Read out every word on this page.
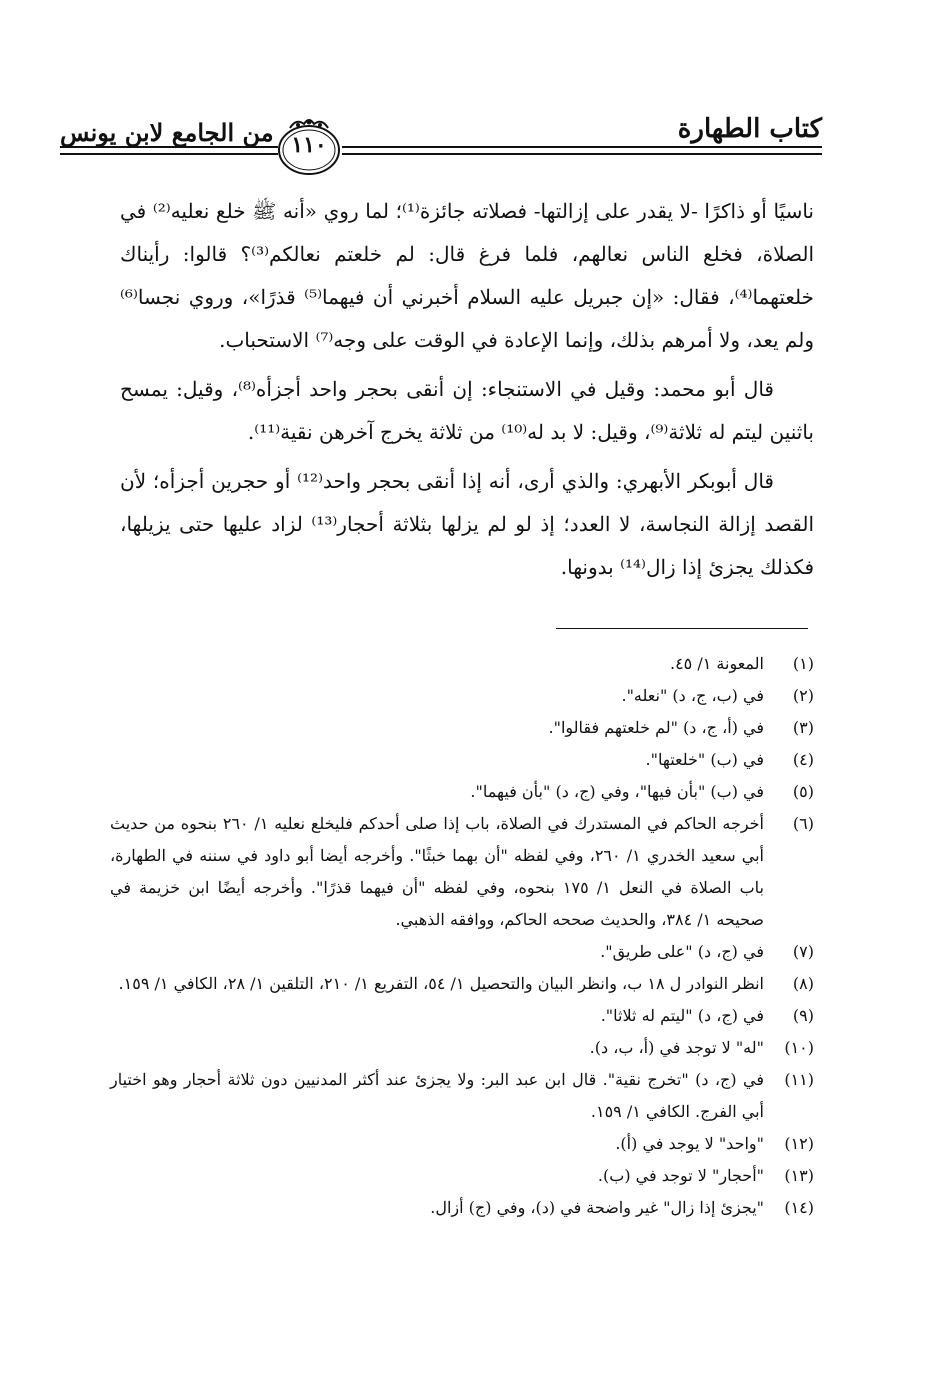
كتاب الطهارة
١١٠
من الجامع لابن يونس

ناسيًا أو ذاكرًا -لا يقدر على إزالتها- فصلاته جائزة⁽¹⁾؛ لما روي «أنه ﷺ خلع نعليه⁽²⁾ في الصلاة، فخلع الناس نعالهم، فلما فرغ قال: لم خلعتم نعالكم⁽³⁾؟ قالوا: رأيناك خلعتهما⁽⁴⁾، فقال: «إن جبريل عليه السلام أخبرني أن فيهما⁽⁵⁾ قذرًا»، وروي نجسا⁽⁶⁾ ولم يعد، ولا أمرهم بذلك، وإنما الإعادة في الوقت على وجه⁽⁷⁾ الاستحباب.

قال أبو محمد: وقيل في الاستنجاء: إن أنقى بحجر واحد أجزأه⁽⁸⁾، وقيل: يمسح باثنين ليتم له ثلاثة⁽⁹⁾، وقيل: لا بد له⁽¹⁰⁾ من ثلاثة يخرج آخرهن نقية⁽¹¹⁾.

قال أبوبكر الأبهري: والذي أرى، أنه إذا أنقى بحجر واحد⁽¹²⁾ أو حجرين أجزأه؛ لأن القصد إزالة النجاسة، لا العدد؛ إذ لو لم يزلها بثلاثة أحجار⁽¹³⁾ لزاد عليها حتى يزيلها، فكذلك يجزئ إذا زال⁽¹⁴⁾ بدونها.

(١)
المعونة ١/ ٤٥.
(٢)
في (ب، ج، د) "نعله".
(٣)
في (أ، ج، د) "لم خلعتهم فقالوا".
(٤)
في (ب) "خلعتها".
(٥)
في (ب) "بأن فيها"، وفي (ج، د) "بأن فيهما".
(٦)
أخرجه الحاكم في المستدرك في الصلاة، باب إذا صلى أحدكم فليخلع نعليه ١/ ٢٦٠ بنحوه من حديث أبي سعيد الخدري ١/ ٢٦٠، وفي لفظه "أن بهما خبثًا". وأخرجه أيضا أبو داود في سننه في الطهارة، باب الصلاة في النعل ١/ ١٧٥ بنحوه، وفي لفظه "أن فيهما قذرًا". وأخرجه أيضًا ابن خزيمة في صحيحه ١/ ٣٨٤، والحديث صححه الحاكم، ووافقه الذهبي.
(٧)
في (ج، د) "على طريق".
(٨)
انظر النوادر ل ١٨ ب، وانظر البيان والتحصيل ١/ ٥٤، التفريع ١/ ٢١٠، التلقين ١/ ٢٨، الكافي ١/ ١٥٩.
(٩)
في (ج، د) "ليتم له ثلاثا".
(١٠)
"له" لا توجد في (أ، ب، د).
(١١)
في (ج، د) "تخرج نقية". قال ابن عبد البر: ولا يجزئ عند أكثر المدنيين دون ثلاثة أحجار وهو اختيار أبي الفرج. الكافي ١/ ١٥٩.
(١٢)
"واحد" لا يوجد في (أ).
(١٣)
"أحجار" لا توجد في (ب).
(١٤)
"يجزئ إذا زال" غير واضحة في (د)، وفي (ج) أزال.
